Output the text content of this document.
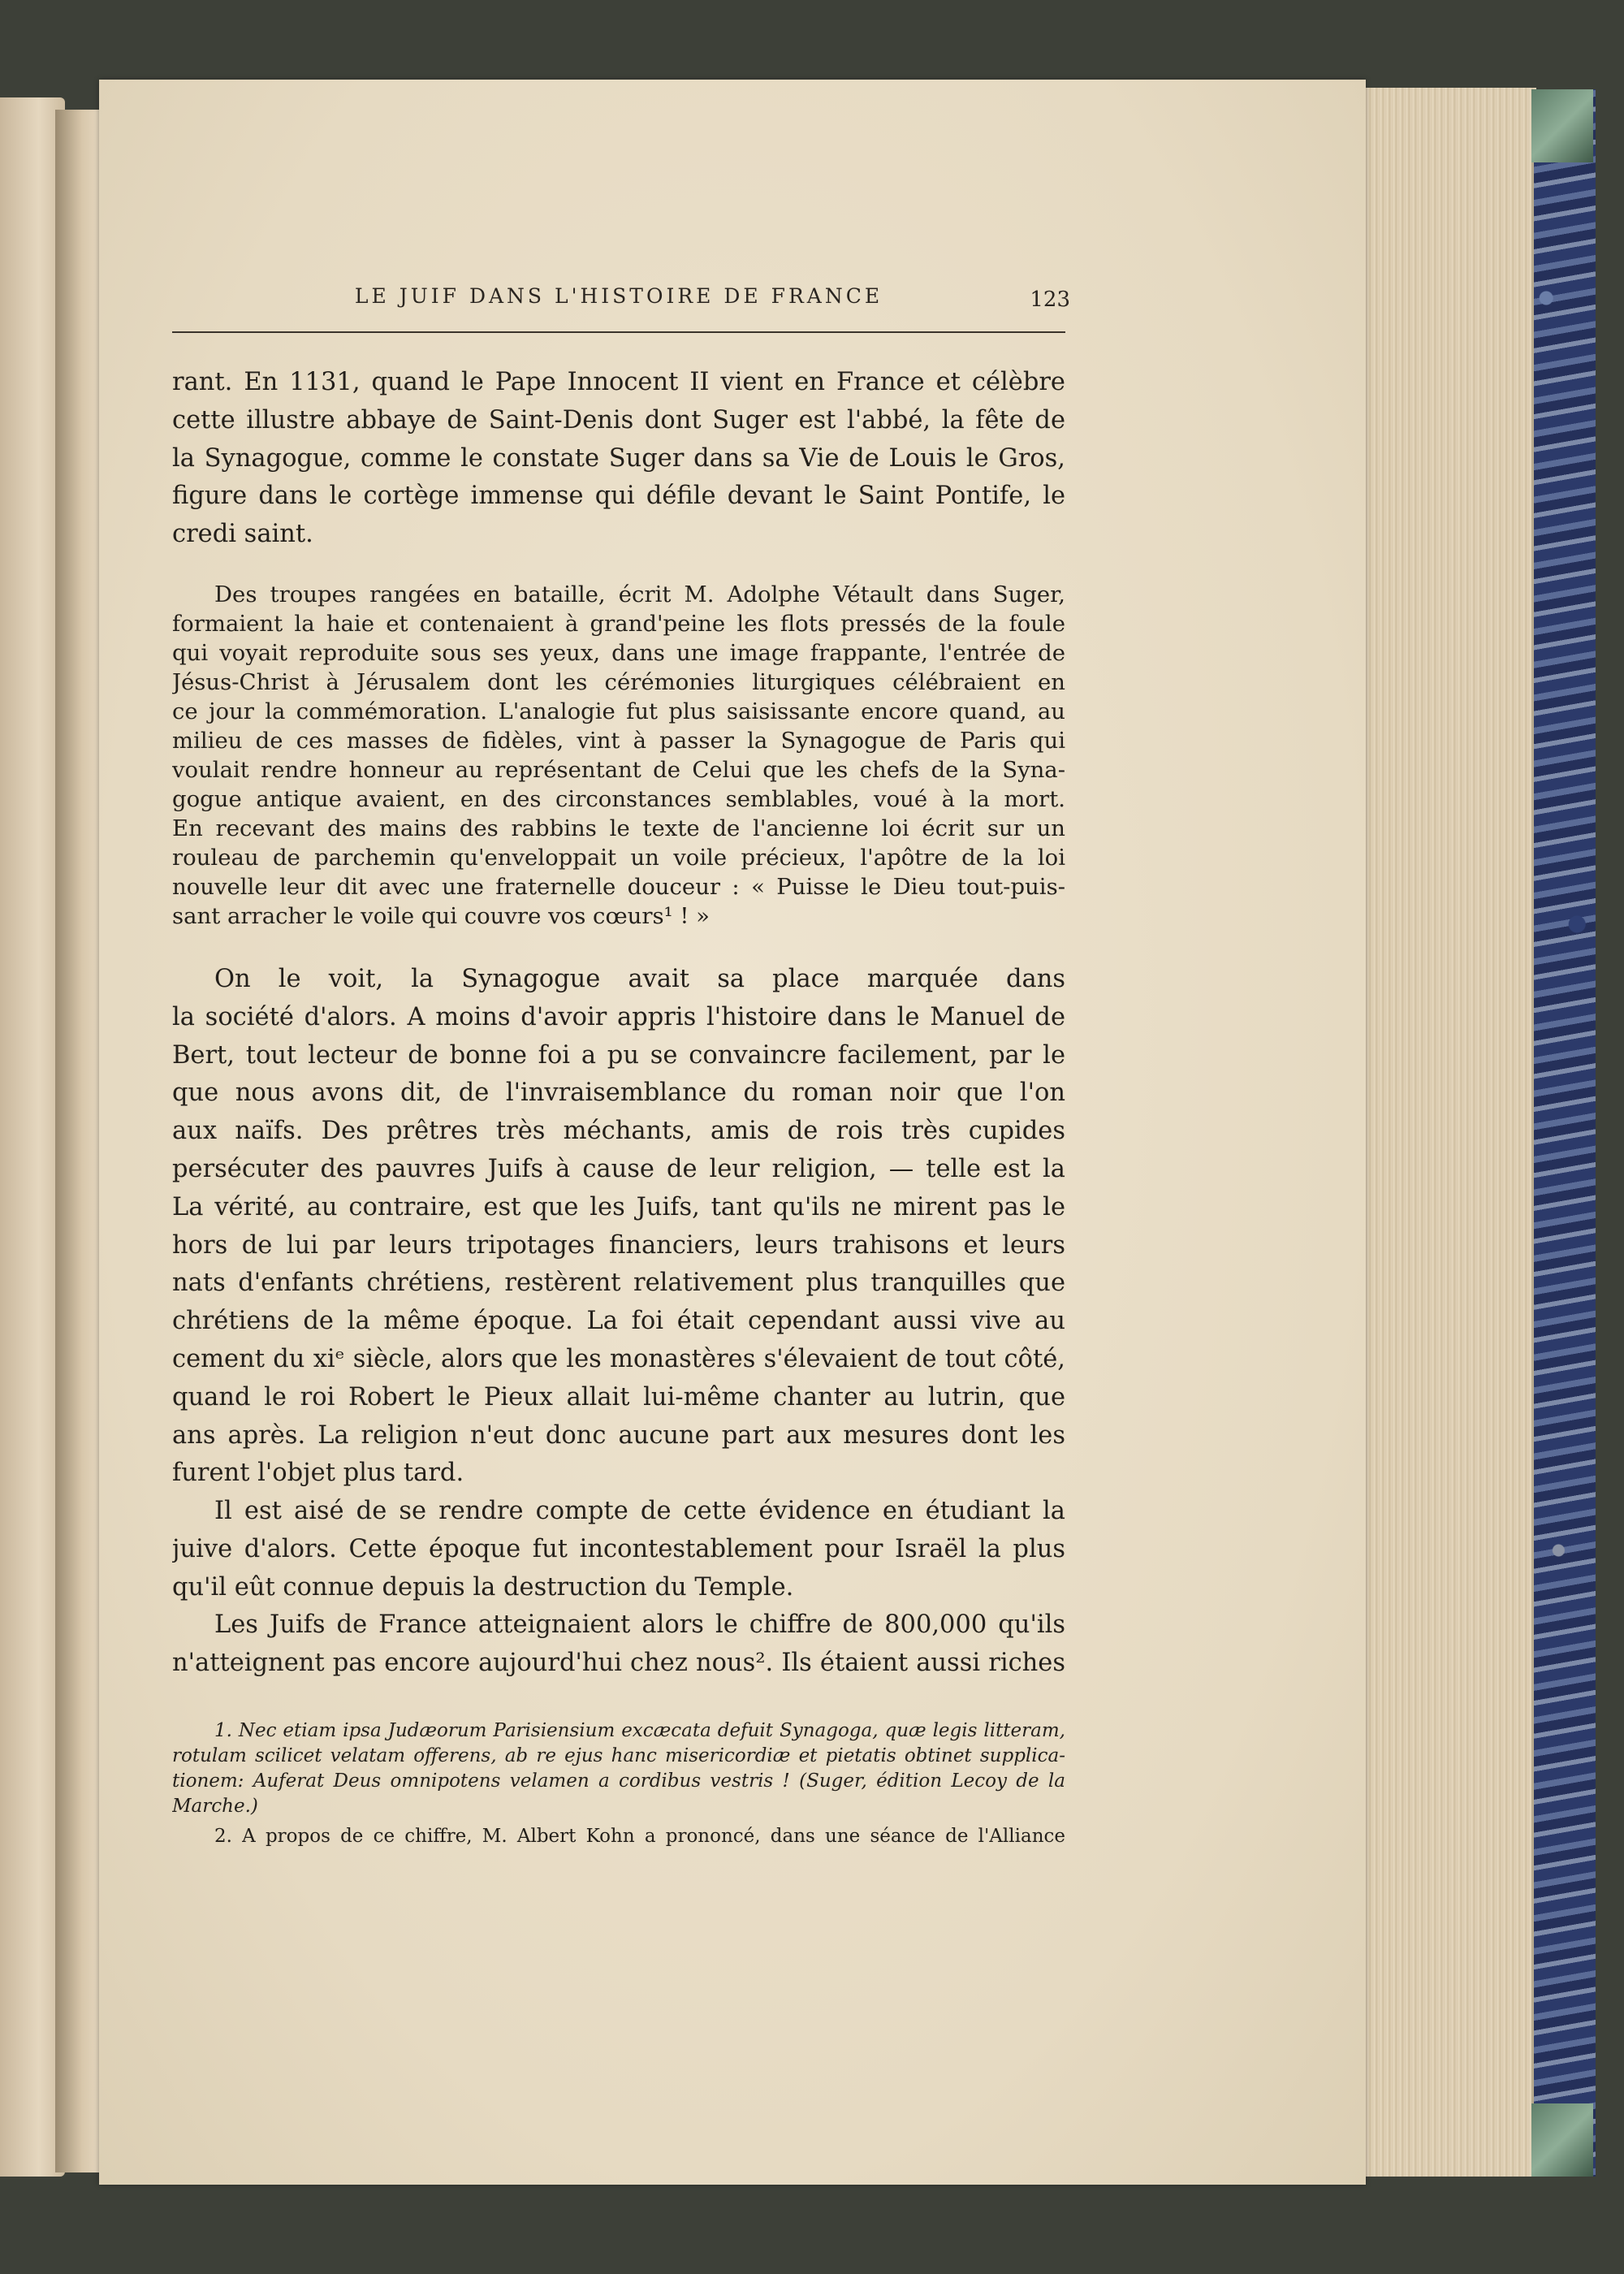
LE JUIF DANS L'HISTOIRE DE FRANCE	123
rant. En 1131, quand le Pape Innocent II vient en France et célèbre
cette illustre abbaye de Saint-Denis dont Suger est l'abbé, la fête de
la Synagogue, comme le constate Suger dans sa Vie de Louis le Gros,
figure dans le cortège immense qui défile devant le Saint Pontife, le
credi saint.
Des troupes rangées en bataille, écrit M. Adolphe Vétault dans Suger,
formaient la haie et contenaient à grand'peine les flots pressés de la foule
qui voyait reproduite sous ses yeux, dans une image frappante, l'entrée de
Jésus-Christ à Jérusalem dont les cérémonies liturgiques célébraient en
ce jour la commémoration. L'analogie fut plus saisissante encore quand, au
milieu de ces masses de fidèles, vint à passer la Synagogue de Paris qui
voulait rendre honneur au représentant de Celui que les chefs de la Syna-
gogue antique avaient, en des circonstances semblables, voué à la mort.
En recevant des mains des rabbins le texte de l'ancienne loi écrit sur un
rouleau de parchemin qu'enveloppait un voile précieux, l'apôtre de la loi
nouvelle leur dit avec une fraternelle douceur : « Puisse le Dieu tout-puis-
sant arracher le voile qui couvre vos cœurs¹ ! »
On le voit, la Synagogue avait sa place marquée dans
la société d'alors. A moins d'avoir appris l'histoire dans le Manuel de
Bert, tout lecteur de bonne foi a pu se convaincre facilement, par le
que nous avons dit, de l'invraisemblance du roman noir que l'on
aux naïfs. Des prêtres très méchants, amis de rois très cupides
persécuter des pauvres Juifs à cause de leur religion, — telle est la
La vérité, au contraire, est que les Juifs, tant qu'ils ne mirent pas le
hors de lui par leurs tripotages financiers, leurs trahisons et leurs
nats d'enfants chrétiens, restèrent relativement plus tranquilles que
chrétiens de la même époque. La foi était cependant aussi vive au
cement du xiᵉ siècle, alors que les monastères s'élevaient de tout côté,
quand le roi Robert le Pieux allait lui-même chanter au lutrin, que
ans après. La religion n'eut donc aucune part aux mesures dont les
furent l'objet plus tard.
Il est aisé de se rendre compte de cette évidence en étudiant la
juive d'alors. Cette époque fut incontestablement pour Israël la plus
qu'il eût connue depuis la destruction du Temple.
Les Juifs de France atteignaient alors le chiffre de 800,000 qu'ils
n'atteignent pas encore aujourd'hui chez nous². Ils étaient aussi riches
1. Nec etiam ipsa Judæorum Parisiensium excæcata defuit Synagoga, quæ legis litteram,
rotulam scilicet velatam offerens, ab re ejus hanc misericordiæ et pietatis obtinet supplica-
tionem: Auferat Deus omnipotens velamen a cordibus vestris ! (Suger, édition Lecoy de la
Marche.)
2. A propos de ce chiffre, M. Albert Kohn a prononcé, dans une séance de l'Alliance
